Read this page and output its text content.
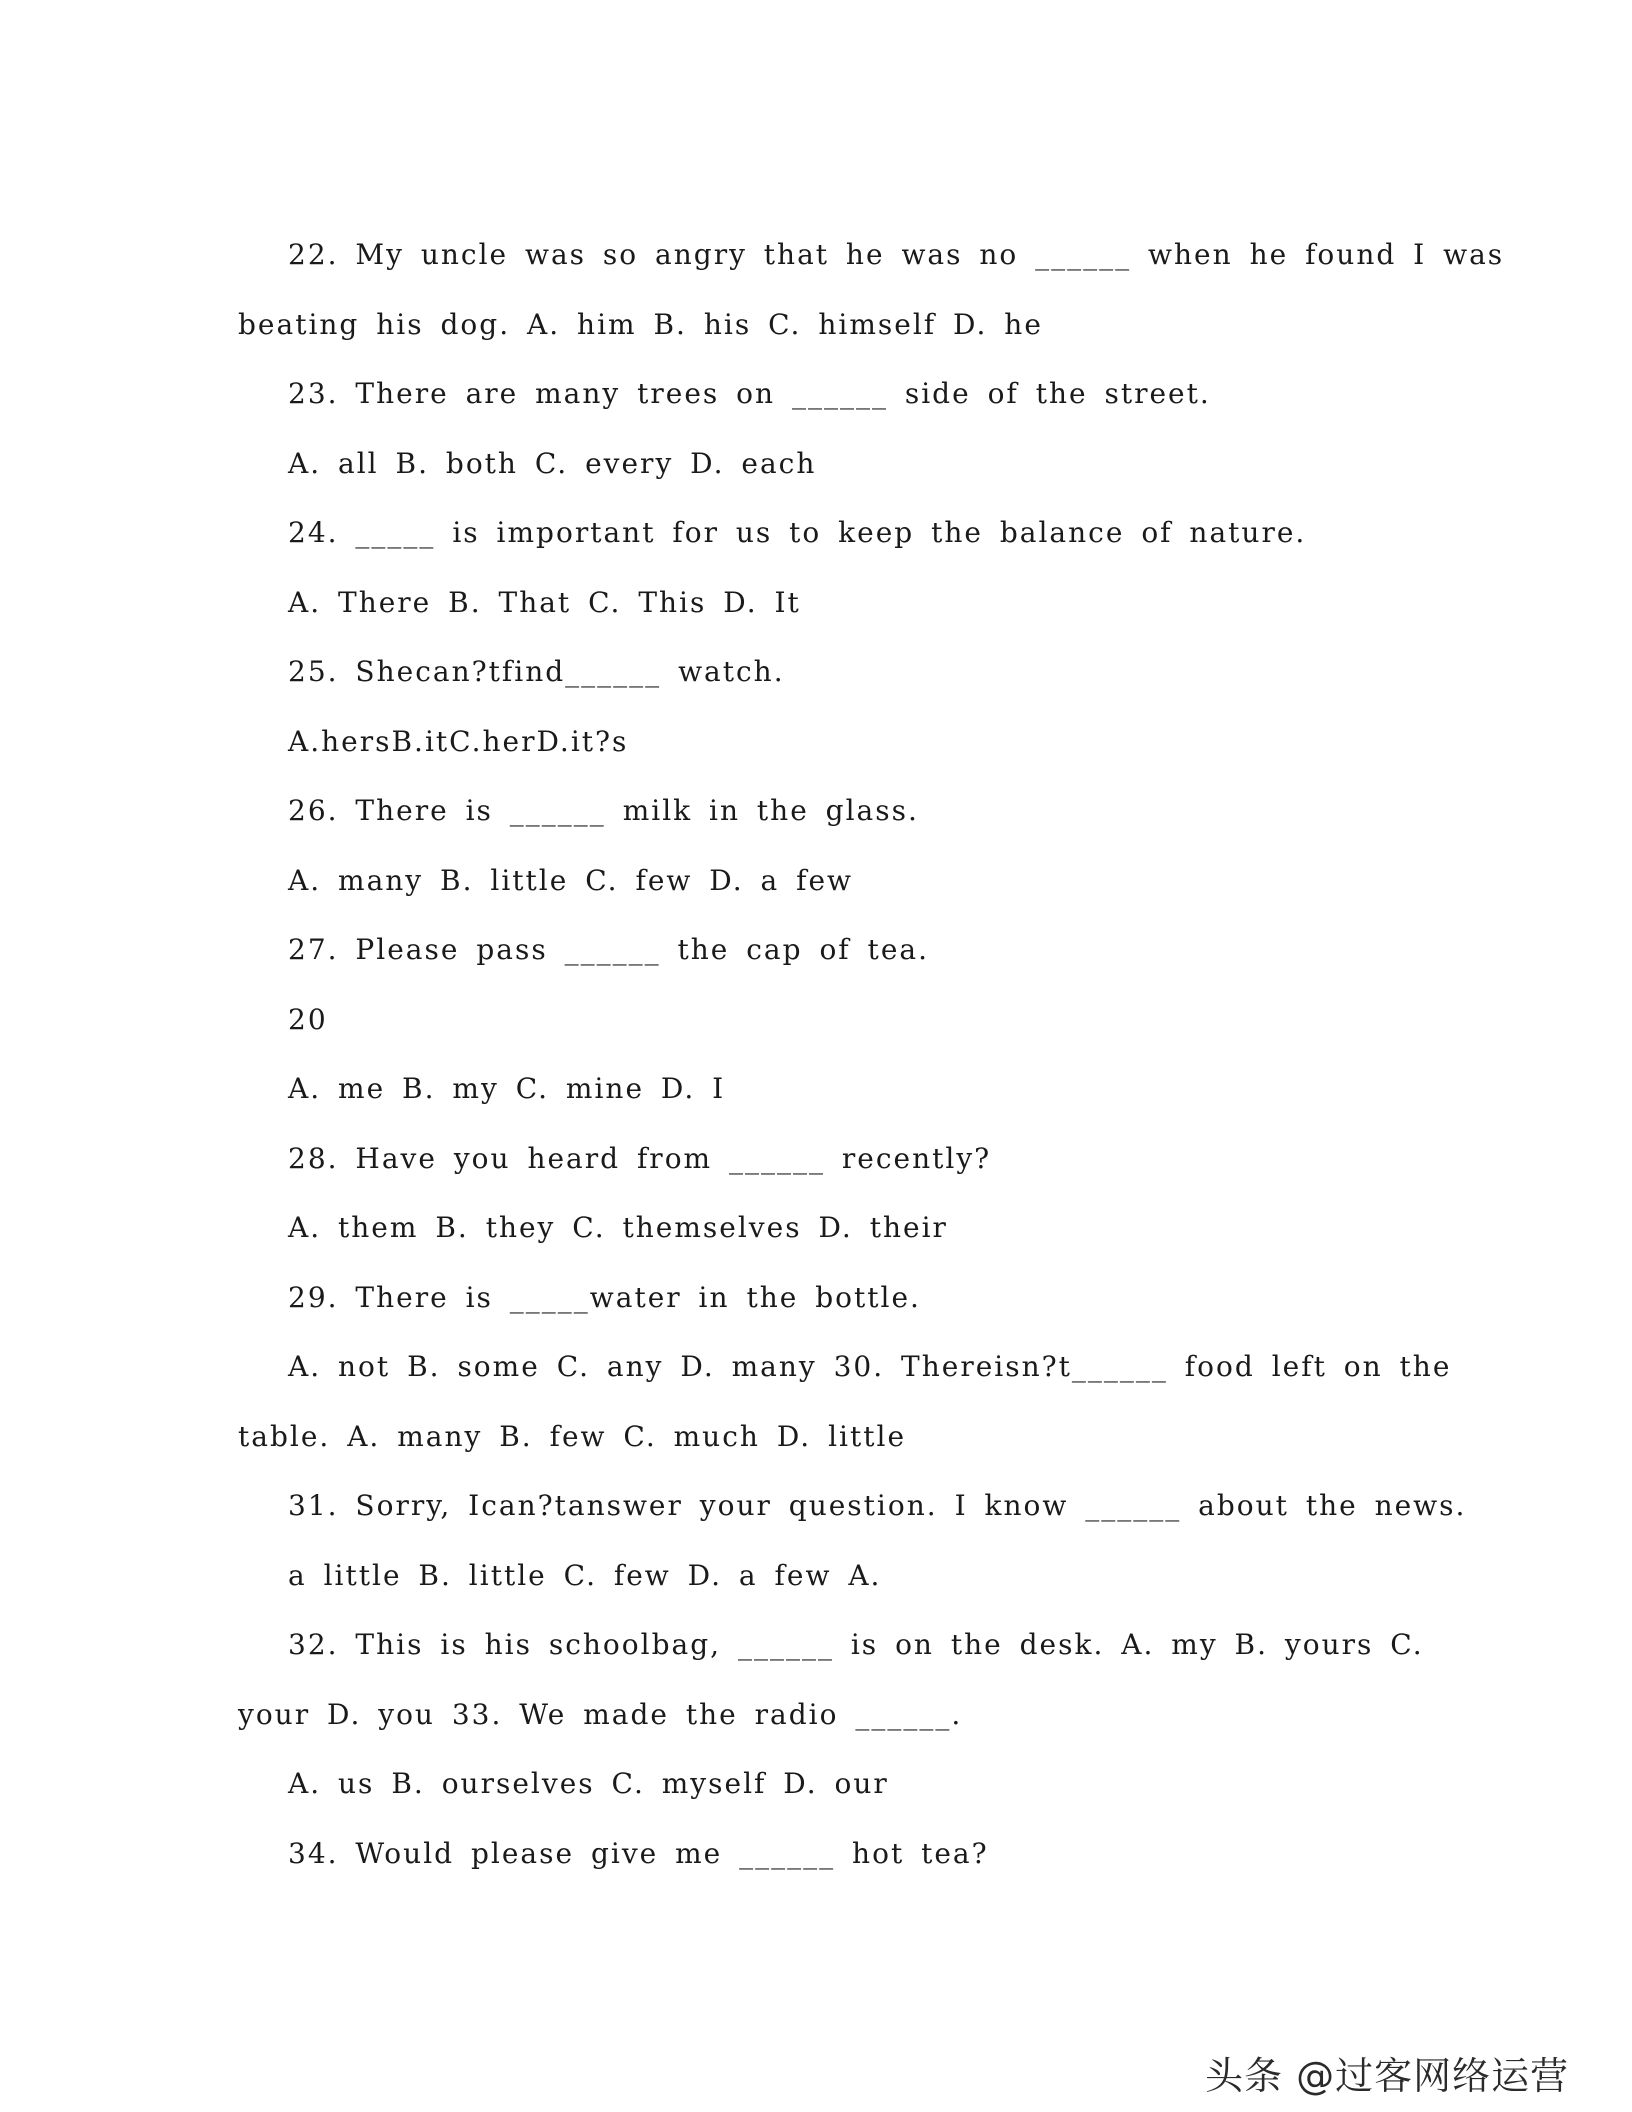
22. My uncle was so angry that he was no ______ when he found I was
beating his dog. A. him B. his C. himself D. he
23. There are many trees on ______ side of the street.
A. all B. both C. every D. each
24. _____ is important for us to keep the balance of nature.
A. There B. That C. This D. It
25. Shecan?tfind______ watch.
A.hersB.itC.herD.it?s
26. There is ______ milk in the glass.
A. many B. little C. few D. a few
27. Please pass ______ the cap of tea.
20
A. me B. my C. mine D. I
28. Have you heard from ______ recently?
A. them B. they C. themselves D. their
29. There is _____water in the bottle.
A. not B. some C. any D. many 30. Thereisn?t______ food left on the
table. A. many B. few C. much D. little
31. Sorry, Ican?tanswer your question. I know ______ about the news.
a little B. little C. few D. a few A.
32. This is his schoolbag, ______ is on the desk. A. my B. yours C.
your D. you 33. We made the radio ______.
A. us B. ourselves C. myself D. our
34. Would please give me ______ hot tea?
头条 @过客网络运营
